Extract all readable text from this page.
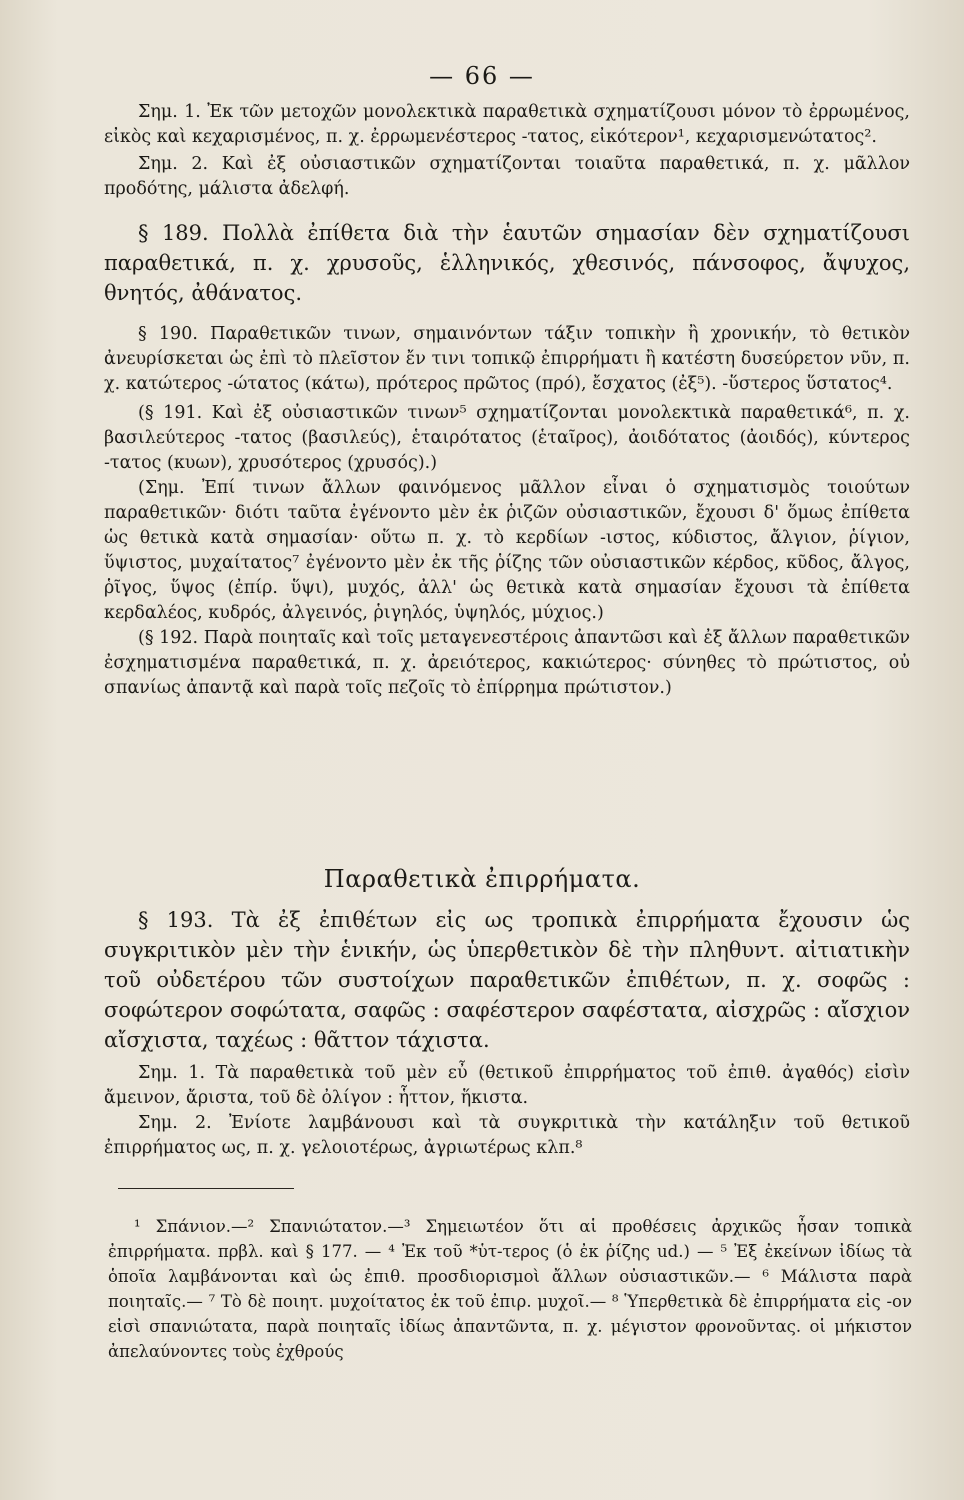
— 66 —

Σημ. 1. Ἐκ τῶν μετοχῶν μονολεκτικὰ παραθετικὰ σχηματίζουσι μόνον τὸ ἐρρωμένος, εἰκὸς καὶ κεχαρισμένος, π. χ. ἐρρωμενέστερος -τατος, εἰκότερον¹, κεχαρισμενώτατος².

Σημ. 2. Καὶ ἐξ οὐσιαστικῶν σχηματίζονται τοιαῦτα παραθετικά, π. χ. μᾶλλον προδότης, μάλιστα ἀδελφή.

§ 189. Πολλὰ ἐπίθετα διὰ τὴν ἑαυτῶν σημασίαν δὲν σχηματίζουσι παραθετικά, π. χ. χρυσοῦς, ἑλληνικός, χθεσινός, πάνσοφος, ἄψυχος, θνητός, ἀθάνατος.

§ 190. Παραθετικῶν τινων, σημαινόντων τάξιν τοπικὴν ἢ χρονικήν, τὸ θετικὸν ἀνευρίσκεται ὡς ἐπὶ τὸ πλεῖστον ἔν τινι τοπικῷ ἐπιρρήματι ἢ κατέστη δυσεύρετον νῦν, π. χ. κατώτερος -ώτατος (κάτω), πρότερος πρῶτος (πρό), ἔσχατος (ἐξ⁵). -ὕστερος ὕστατος⁴.

(§ 191. Καὶ ἐξ οὐσιαστικῶν τινων⁵ σχηματίζονται μονολεκτικὰ παραθετικά⁶, π. χ. βασιλεύτερος -τατος (βασιλεύς), ἑταιρότατος (ἑταῖρος), ἀοιδότατος (ἀοιδός), κύντερος -τατος (κυων), χρυσότερος (χρυσός).)

(Σημ. Ἐπί τινων ἄλλων φαινόμενος μᾶλλον εἶναι ὁ σχηματισμὸς τοιούτων παραθετικῶν· διότι ταῦτα ἐγένοντο μὲν ἐκ ῥιζῶν οὐσιαστικῶν, ἔχουσι δ' ὅμως ἐπίθετα ὡς θετικὰ κατὰ σημασίαν· οὕτω π. χ. τὸ κερδίων -ιστος, κύδιστος, ἄλγιον, ῥίγιον, ὕψιστος, μυχαίτατος⁷ ἐγένοντο μὲν ἐκ τῆς ῥίζης τῶν οὐσιαστικῶν κέρδος, κῦδος, ἄλγος, ῥῖγος, ὕψος (ἐπίρ. ὕψι), μυχός, ἀλλ' ὡς θετικὰ κατὰ σημασίαν ἔχουσι τὰ ἐπίθετα κερδαλέος, κυδρός, ἀλγεινός, ῥιγηλός, ὑψηλός, μύχιος.)

(§ 192. Παρὰ ποιηταῖς καὶ τοῖς μεταγενεστέροις ἀπαντῶσι καὶ ἐξ ἄλλων παραθετικῶν ἐσχηματισμένα παραθετικά, π. χ. ἀρειότερος, κακιώτερος· σύνηθες τὸ πρώτιστος, οὐ σπανίως ἀπαντᾷ καὶ παρὰ τοῖς πεζοῖς τὸ ἐπίρρημα πρώτιστον.)

Παραθετικὰ ἐπιρρήματα.

§ 193. Τὰ ἐξ ἐπιθέτων εἰς ως τροπικὰ ἐπιρρήματα ἔχουσιν ὡς συγκριτικὸν μὲν τὴν ἑνικήν, ὡς ὑπερθετικὸν δὲ τὴν πληθυντ. αἰτιατικὴν τοῦ οὐδετέρου τῶν συστοίχων παραθετικῶν ἐπιθέτων, π. χ. σοφῶς : σοφώτερον σοφώτατα, σαφῶς : σαφέστερον σαφέστατα, αἰσχρῶς : αἴσχιον αἴσχιστα, ταχέως : θᾶττον τάχιστα.

Σημ. 1. Τὰ παραθετικὰ τοῦ μὲν εὖ (θετικοῦ ἐπιρρήματος τοῦ ἐπιθ. ἀγαθός) εἰσὶν ἄμεινον, ἄριστα, τοῦ δὲ ὀλίγον : ἧττον, ἥκιστα.

Σημ. 2. Ἐνίοτε λαμβάνουσι καὶ τὰ συγκριτικὰ τὴν κατάληξιν τοῦ θετικοῦ ἐπιρρήματος ως, π. χ. γελοιοτέρως, ἀγριωτέρως κλπ.⁸

¹ Σπάνιον.—² Σπανιώτατον.—³ Σημειωτέον ὅτι αἱ προθέσεις ἀρχικῶς ἦσαν τοπικὰ ἐπιρρήματα. πρβλ. καὶ § 177. — ⁴ Ἐκ τοῦ *ὑτ-τερος (ὁ ἐκ ῥίζης ud.) — ⁵ Ἐξ ἐκείνων ἰδίως τὰ ὁποῖα λαμβάνονται καὶ ὡς ἐπιθ. προσδιορισμοὶ ἄλλων οὐσιαστικῶν.— ⁶ Μάλιστα παρὰ ποιηταῖς.— ⁷ Τὸ δὲ ποιητ. μυχοίτατος ἐκ τοῦ ἐπιρ. μυχοῖ.— ⁸ Ὑπερθετικὰ δὲ ἐπιρρήματα εἰς -ον εἰσὶ σπανιώτατα, παρὰ ποιηταῖς ἰδίως ἀπαντῶντα, π. χ. μέγιστον φρονοῦντας. οἱ μήκιστον ἀπελαύνοντες τοὺς ἐχθρούς
